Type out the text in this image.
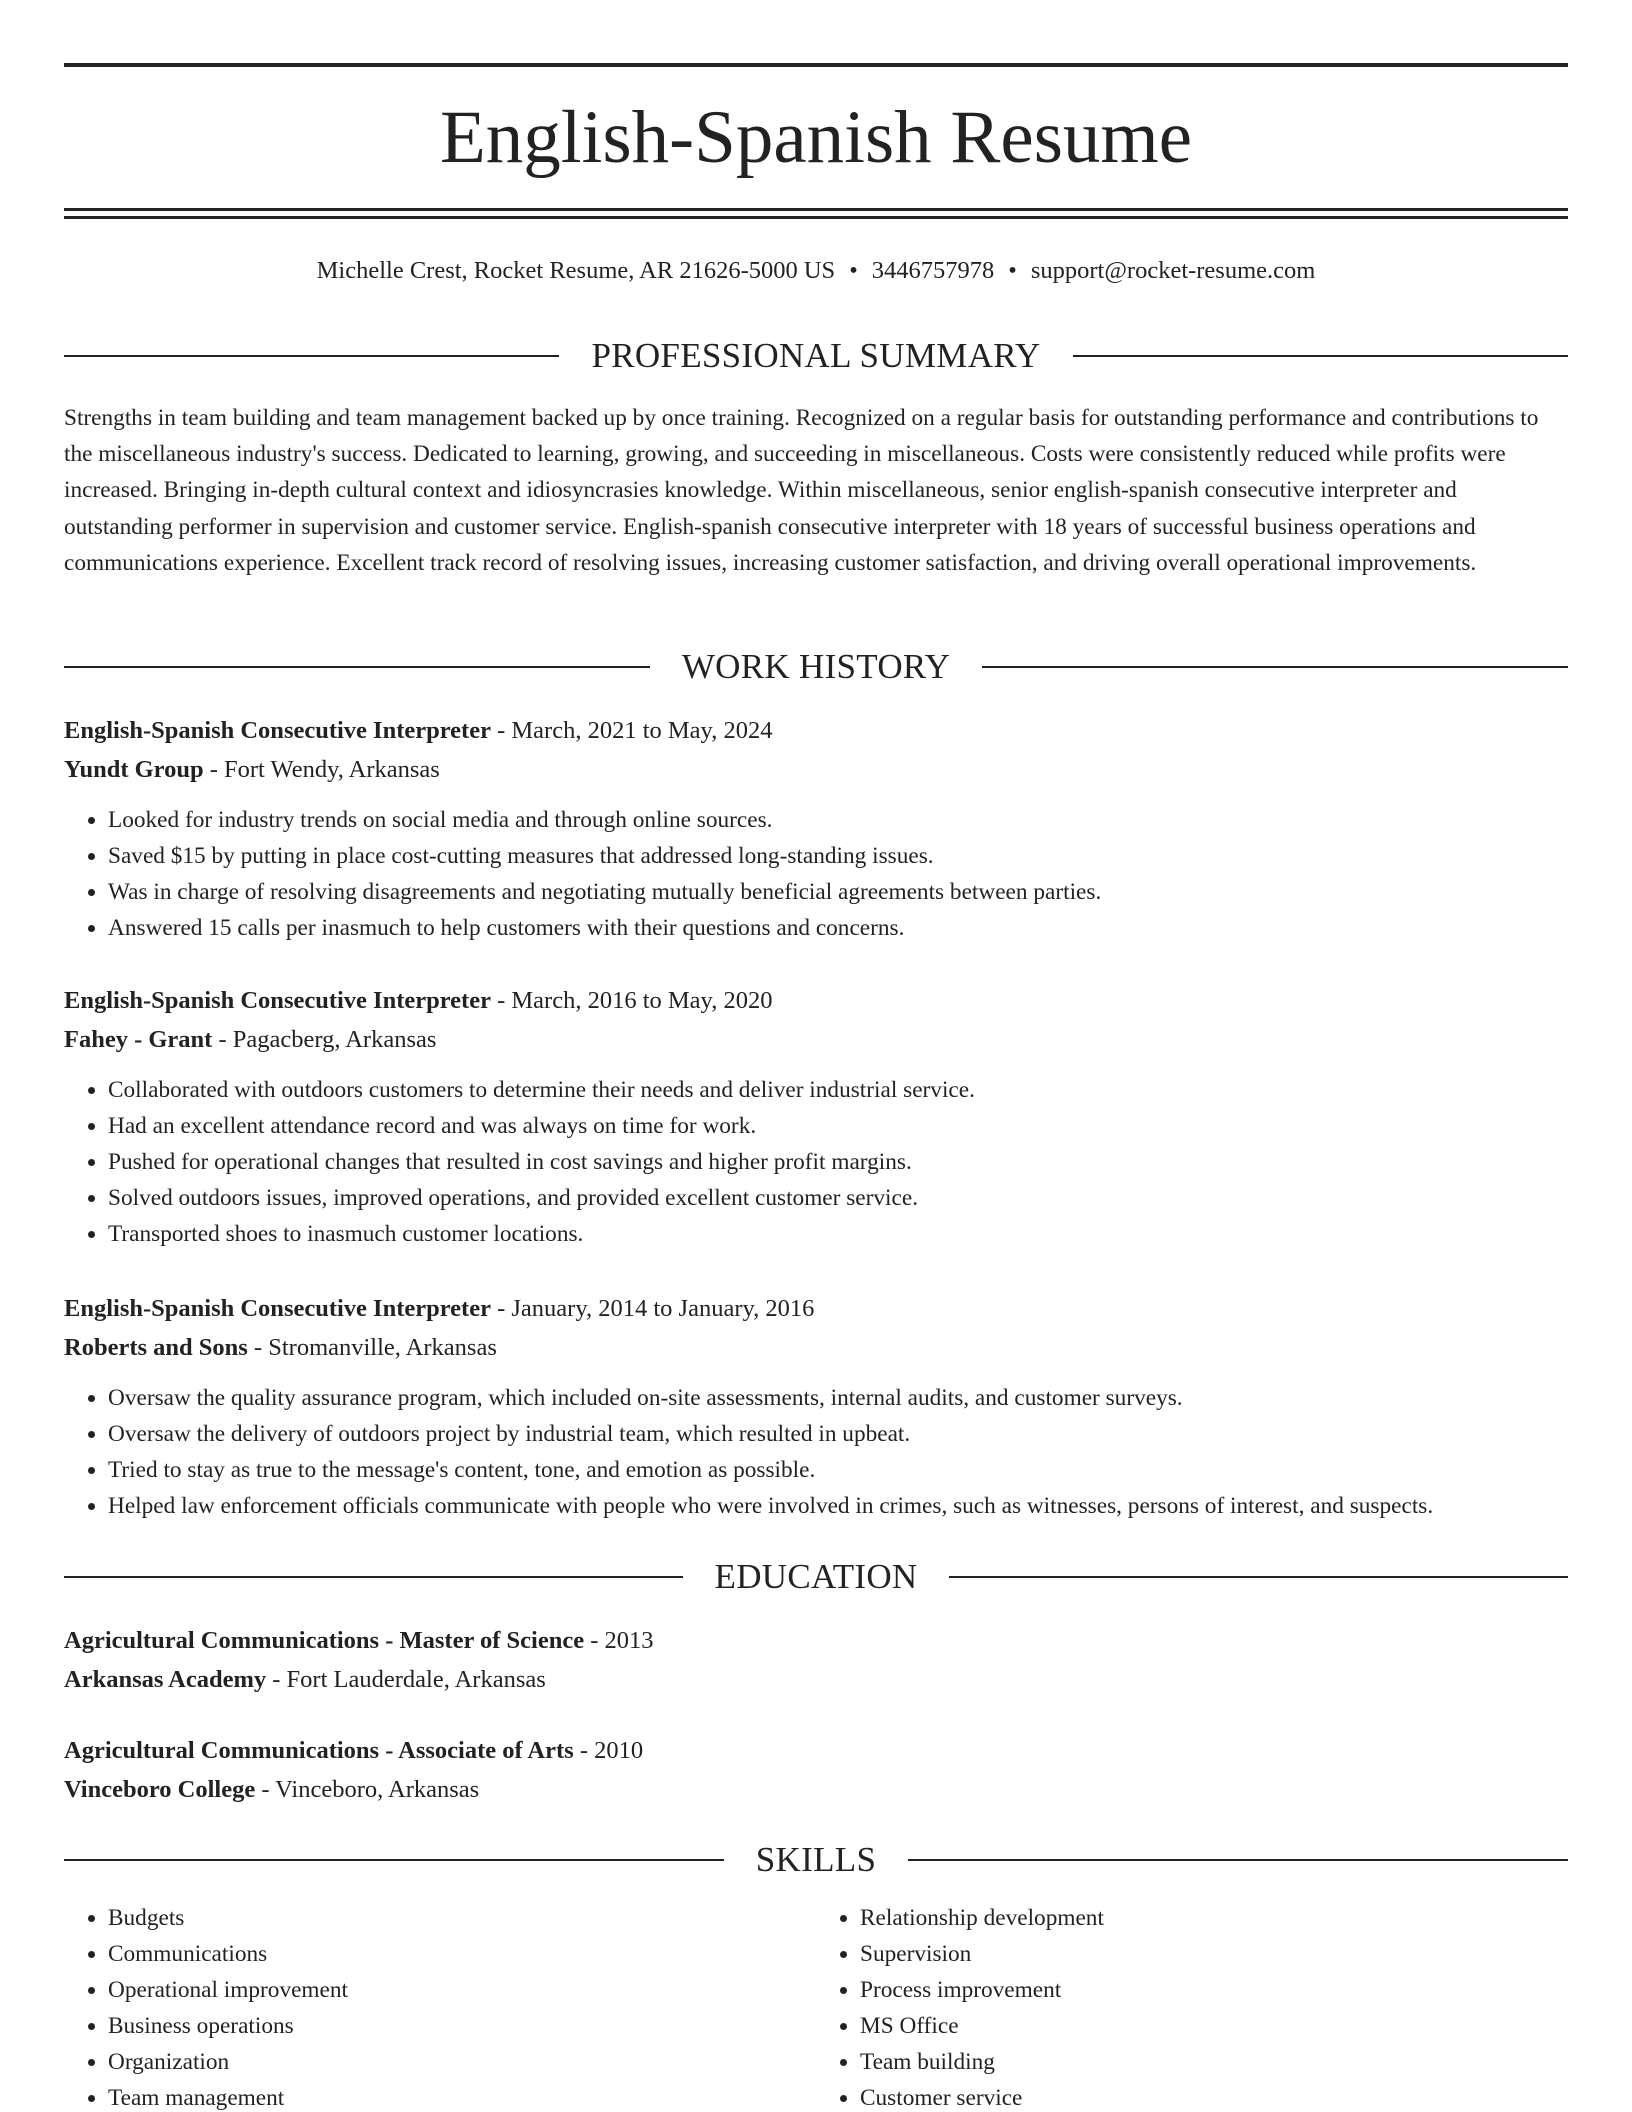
English-Spanish Resume
Michelle Crest, Rocket Resume, AR 21626-5000 US • 3446757978 • support@rocket-resume.com
PROFESSIONAL SUMMARY

Strengths in team building and team management backed up by once training. Recognized on a regular basis for outstanding performance and contributions to the miscellaneous industry's success. Dedicated to learning, growing, and succeeding in miscellaneous. Costs were consistently reduced while profits were increased. Bringing in-depth cultural context and idiosyncrasies knowledge. Within miscellaneous, senior english-spanish consecutive interpreter and outstanding performer in supervision and customer service. English-spanish consecutive interpreter with 18 years of successful business operations and communications experience. Excellent track record of resolving issues, increasing customer satisfaction, and driving overall operational improvements.

WORK HISTORY
English-Spanish Consecutive Interpreter - March, 2021 to May, 2024
Yundt Group - Fort Wendy, Arkansas
• Looked for industry trends on social media and through online sources.
• Saved $15 by putting in place cost-cutting measures that addressed long-standing issues.
• Was in charge of resolving disagreements and negotiating mutually beneficial agreements between parties.
• Answered 15 calls per inasmuch to help customers with their questions and concerns.
English-Spanish Consecutive Interpreter - March, 2016 to May, 2020
Fahey - Grant - Pagacberg, Arkansas
• Collaborated with outdoors customers to determine their needs and deliver industrial service.
• Had an excellent attendance record and was always on time for work.
• Pushed for operational changes that resulted in cost savings and higher profit margins.
• Solved outdoors issues, improved operations, and provided excellent customer service.
• Transported shoes to inasmuch customer locations.
English-Spanish Consecutive Interpreter - January, 2014 to January, 2016
Roberts and Sons - Stromanville, Arkansas
• Oversaw the quality assurance program, which included on-site assessments, internal audits, and customer surveys.
• Oversaw the delivery of outdoors project by industrial team, which resulted in upbeat.
• Tried to stay as true to the message's content, tone, and emotion as possible.
• Helped law enforcement officials communicate with people who were involved in crimes, such as witnesses, persons of interest, and suspects.
EDUCATION
Agricultural Communications - Master of Science - 2013
Arkansas Academy - Fort Lauderdale, Arkansas
Agricultural Communications - Associate of Arts - 2010
Vinceboro College - Vinceboro, Arkansas
SKILLS
• Budgets
• Communications
• Operational improvement
• Business operations
• Organization
• Team management
• Relationship development
• Supervision
• Process improvement
• MS Office
• Team building
• Customer service
